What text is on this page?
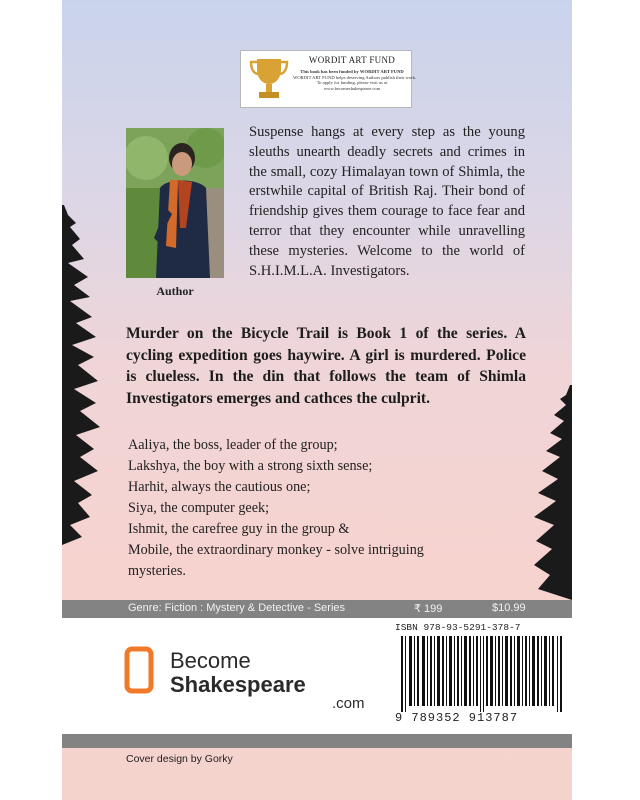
WORDIT ART FUND
This book has been funded by WORDIT ART FUND
WORDIT ART FUND helps deserving Authors publish their work.
To apply for funding, please visit us at
www.becomeshakespeare.com
Author
Suspense hangs at every step as the young sleuths unearth deadly secrets and crimes in the small, cozy Himalayan town of Shimla, the erstwhile capital of British Raj. Their bond of friendship gives them courage to face fear and terror that they encounter while unravelling these mysteries. Welcome to the world of S.H.I.M.L.A. Investigators.
Murder on the Bicycle Trail is Book 1 of the series. A cycling expedition goes haywire. A girl is murdered. Police is clueless. In the din that follows the team of Shimla Investigators emerges and cathces the culprit.
Aaliya, the boss, leader of the group;
Lakshya, the boy with a strong sixth sense;
Harhit, always the cautious one;
Siya, the computer geek;
Ishmit, the carefree guy in the group &
Mobile, the extraordinary monkey - solve intriguing
mysteries.
Genre: Fiction : Mystery & Detective - Series	₹ 199	$10.99
Become
Shakespeare
.com
ISBN 978-93-5291-378-7
9 789352 913787
Cover design by Gorky
